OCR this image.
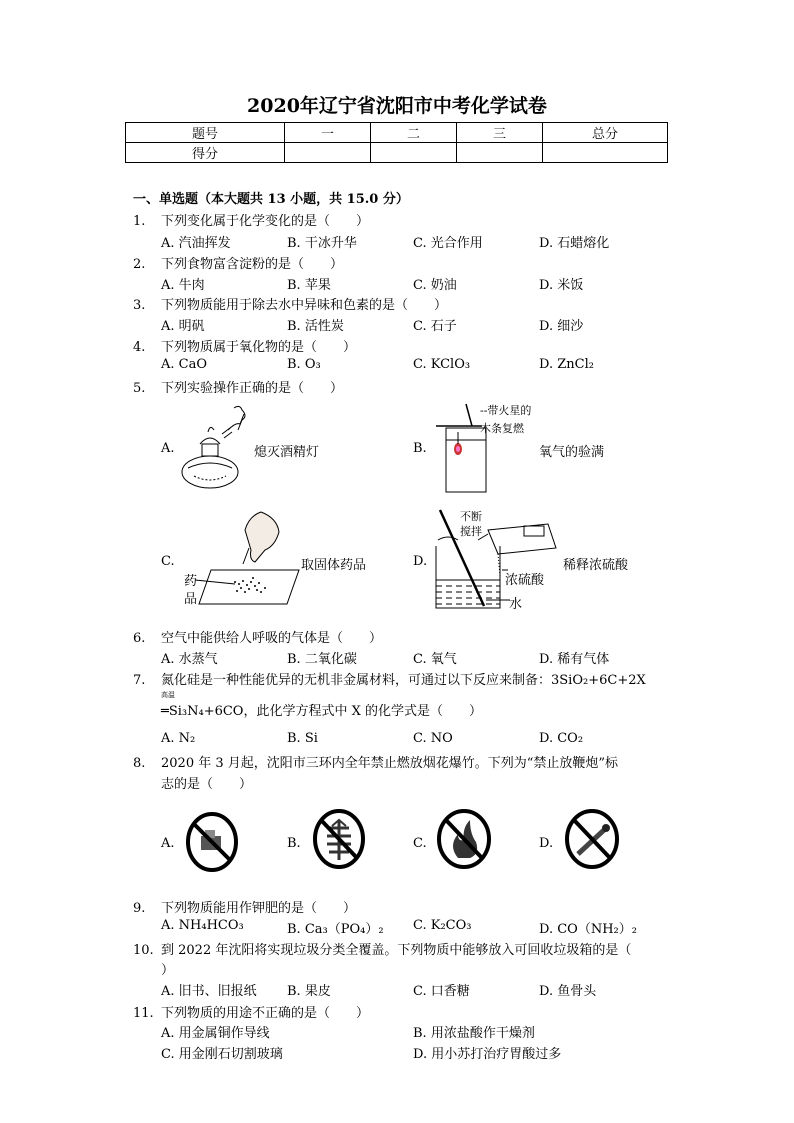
2020年辽宁省沈阳市中考化学试卷
题号	一	二	三	总分
得分				
一、单选题（本大题共 13 小题，共 15.0 分）
1. 下列变化属于化学变化的是（　　）
A. 汽油挥发	B. 干冰升华	C. 光合作用	D. 石蜡熔化
2. 下列食物富含淀粉的是（　　）
A. 牛肉	B. 苹果	C. 奶油	D. 米饭
3. 下列物质能用于除去水中异味和色素的是（　　）
A. 明矾	B. 活性炭	C. 石子	D. 细沙
4. 下列物质属于氧化物的是（　　）
A. CaO	B. O₃	C. KClO₃	D. ZnCl₂
5. 下列实验操作正确的是（　　）
A.	熄灭酒精灯	B.
--带火星的
木条复燃
氧气的验满
C.	取固体药品
药
品
D.
不断
搅拌
稀释浓硫酸
浓硫酸
水
6. 空气中能供给人呼吸的气体是（　　）
A. 水蒸气	B. 二氧化碳	C. 氧气	D. 稀有气体
7. 氮化硅是一种性能优异的无机非金属材料，可通过以下反应来制备：3SiO₂+6C+2X
高温
═Si₃N₄+6CO，此化学方程式中 X 的化学式是（　　）
A. N₂	B. Si	C. NO	D. CO₂
8. 2020 年 3 月起，沈阳市三环内全年禁止燃放烟花爆竹。下列为“禁止放鞭炮”标
志的是（　　）
A.	B.	C.	D.
9. 下列物质能用作钾肥的是（　　）
A. NH₄HCO₃	B. Ca₃（PO₄）₂ C. K₂CO₃	D. CO（NH₂）₂
10. 到 2022 年沈阳将实现垃圾分类全覆盖。下列物质中能够放入可回收垃圾箱的是（
）
A. 旧书、旧报纸 B. 果皮	C. 口香糖	D. 鱼骨头
11. 下列物质的用途不正确的是（　　）
A. 用金属铜作导线	B. 用浓盐酸作干燥剂
C. 用金刚石切割玻璃	D. 用小苏打治疗胃酸过多
